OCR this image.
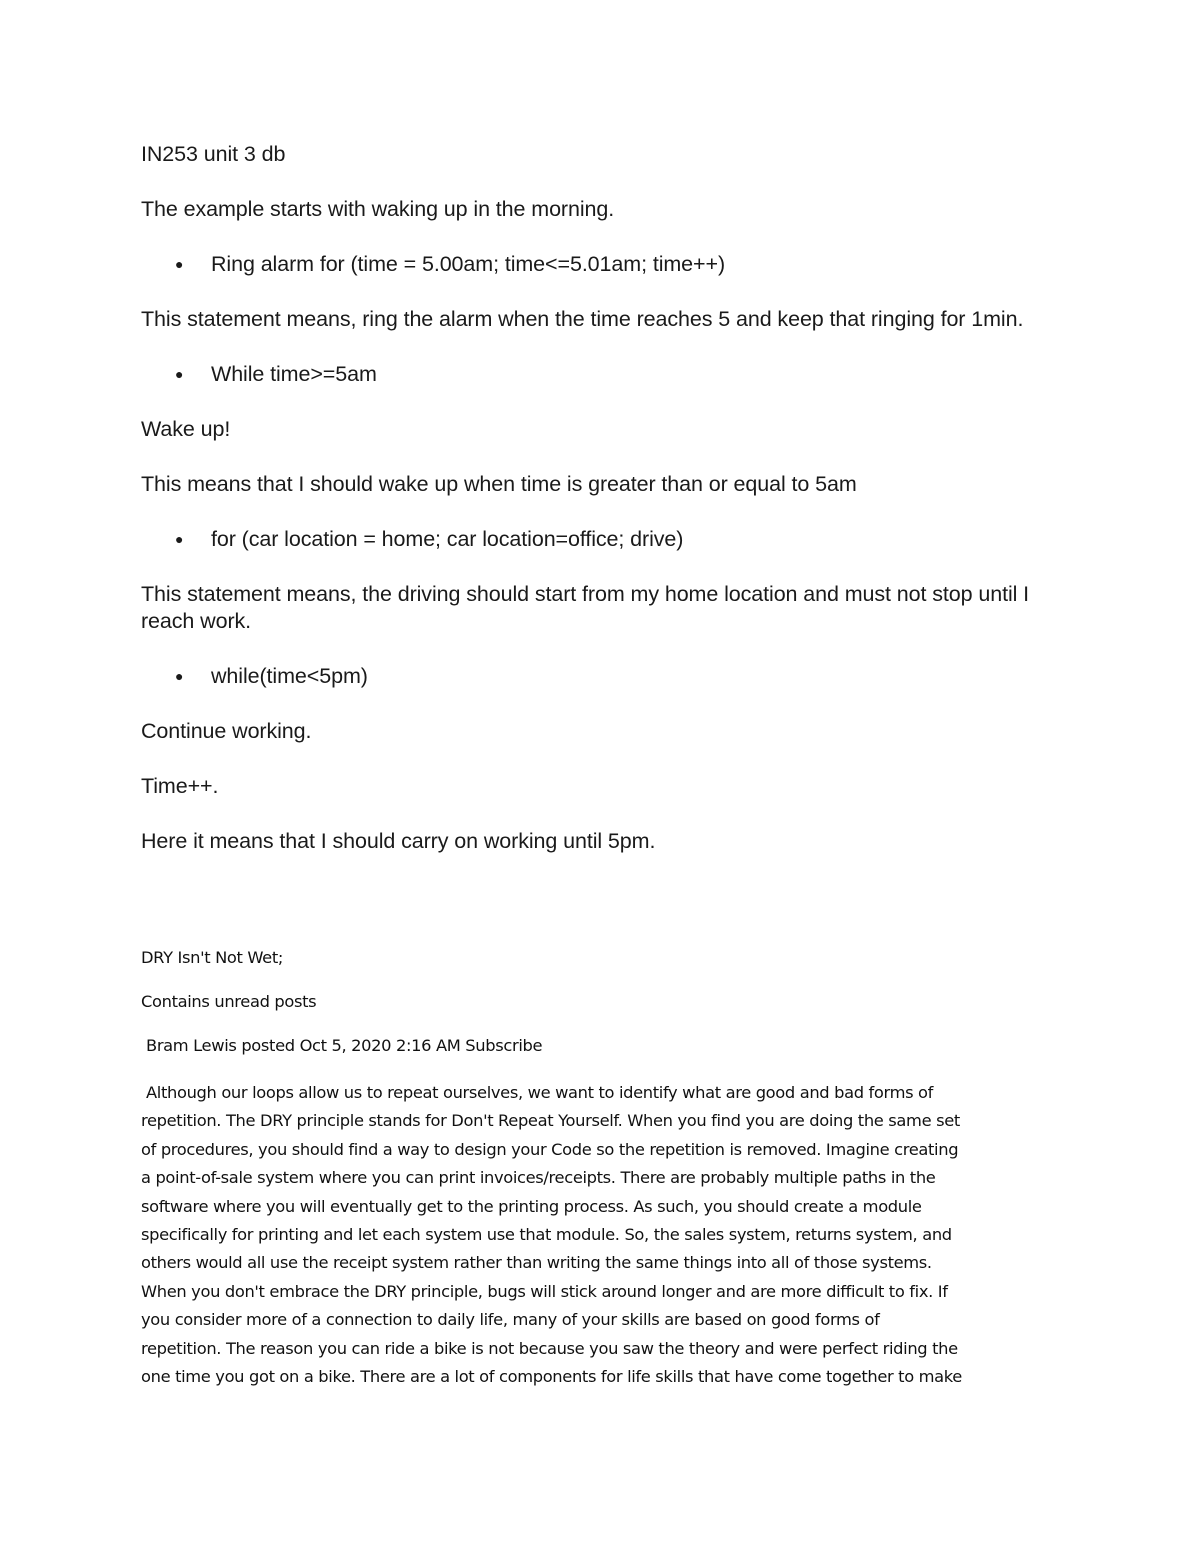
IN253 unit 3 db

The example starts with waking up in the morning.

● Ring alarm for (time = 5.00am; time<=5.01am; time++)

This statement means, ring the alarm when the time reaches 5 and keep that ringing for 1min.

● While time>=5am

Wake up!

This means that I should wake up when time is greater than or equal to 5am

● for (car location = home; car location=office; drive)

This statement means, the driving should start from my home location and must not stop until I reach work.

● while(time<5pm)

Continue working.

Time++.

Here it means that I should carry on working until 5pm.

DRY Isn't Not Wet;

Contains unread posts

Bram Lewis posted Oct 5, 2020 2:16 AM Subscribe

Although our loops allow us to repeat ourselves, we want to identify what are good and bad forms of
repetition. The DRY principle stands for Don't Repeat Yourself. When you find you are doing the same set
of procedures, you should find a way to design your Code so the repetition is removed. Imagine creating
a point-of-sale system where you can print invoices/receipts. There are probably multiple paths in the
software where you will eventually get to the printing process. As such, you should create a module
specifically for printing and let each system use that module. So, the sales system, returns system, and
others would all use the receipt system rather than writing the same things into all of those systems.
When you don't embrace the DRY principle, bugs will stick around longer and are more difficult to fix. If
you consider more of a connection to daily life, many of your skills are based on good forms of
repetition. The reason you can ride a bike is not because you saw the theory and were perfect riding the
one time you got on a bike. There are a lot of components for life skills that have come together to make
